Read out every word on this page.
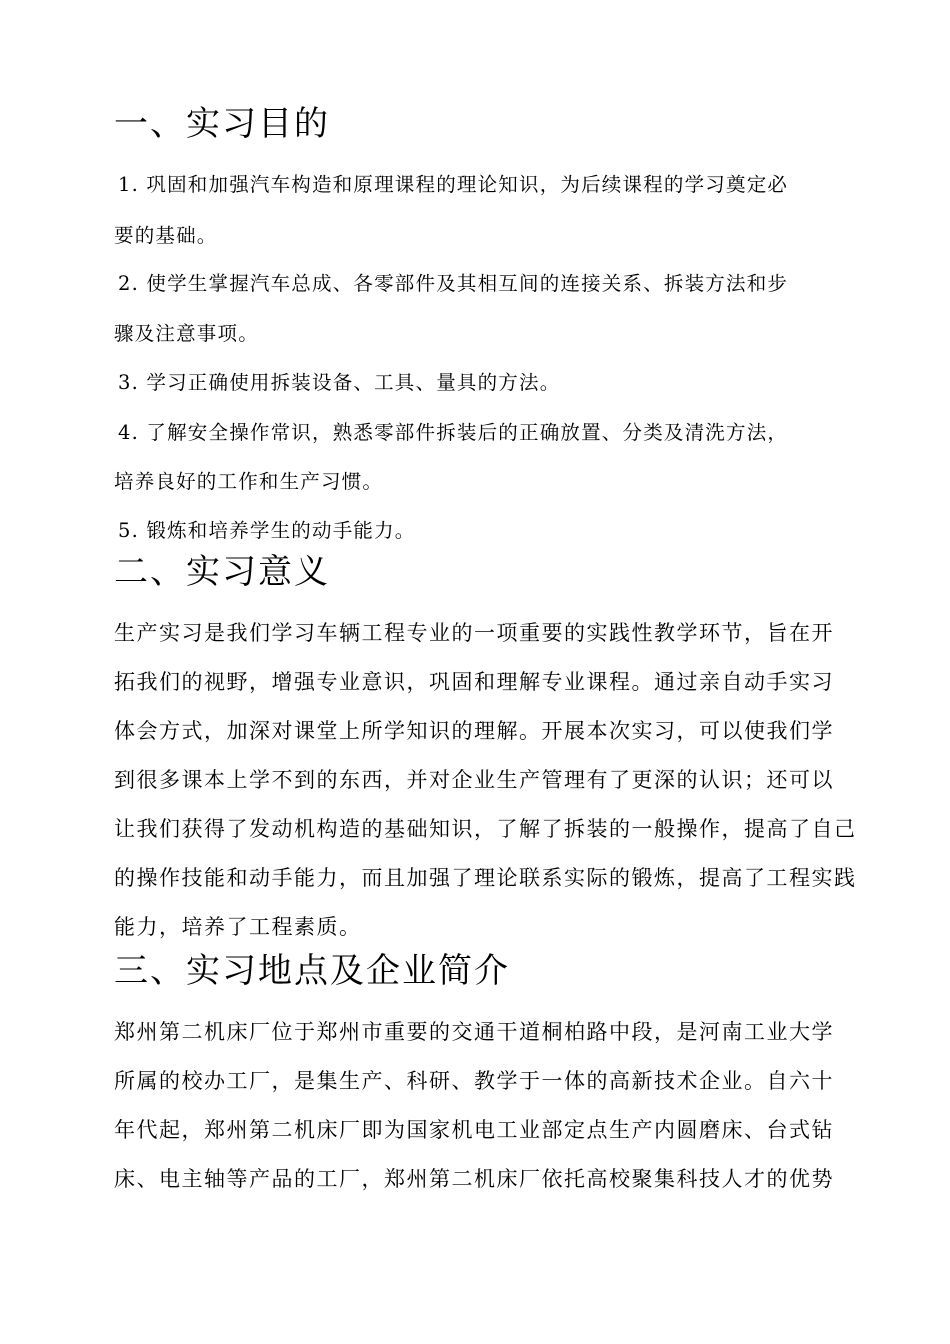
一、实习目的

1. 巩固和加强汽车构造和原理课程的理论知识，为后续课程的学习奠定必

要的基础。

2. 使学生掌握汽车总成、各零部件及其相互间的连接关系、拆装方法和步

骤及注意事项。

3. 学习正确使用拆装设备、工具、量具的方法。

4. 了解安全操作常识，熟悉零部件拆装后的正确放置、分类及清洗方法，

培养良好的工作和生产习惯。

5. 锻炼和培养学生的动手能力。

二、实习意义

生产实习是我们学习车辆工程专业的一项重要的实践性教学环节，旨在开

拓我们的视野，增强专业意识，巩固和理解专业课程。通过亲自动手实习

体会方式，加深对课堂上所学知识的理解。开展本次实习，可以使我们学

到很多课本上学不到的东西，并对企业生产管理有了更深的认识；还可以

让我们获得了发动机构造的基础知识，了解了拆装的一般操作，提高了自己

的操作技能和动手能力，而且加强了理论联系实际的锻炼，提高了工程实践

能力，培养了工程素质。

三、实习地点及企业简介

郑州第二机床厂位于郑州市重要的交通干道桐柏路中段，是河南工业大学

所属的校办工厂，是集生产、科研、教学于一体的高新技术企业。自六十

年代起，郑州第二机床厂即为国家机电工业部定点生产内圆磨床、台式钻

床、电主轴等产品的工厂，郑州第二机床厂依托高校聚集科技人才的优势
